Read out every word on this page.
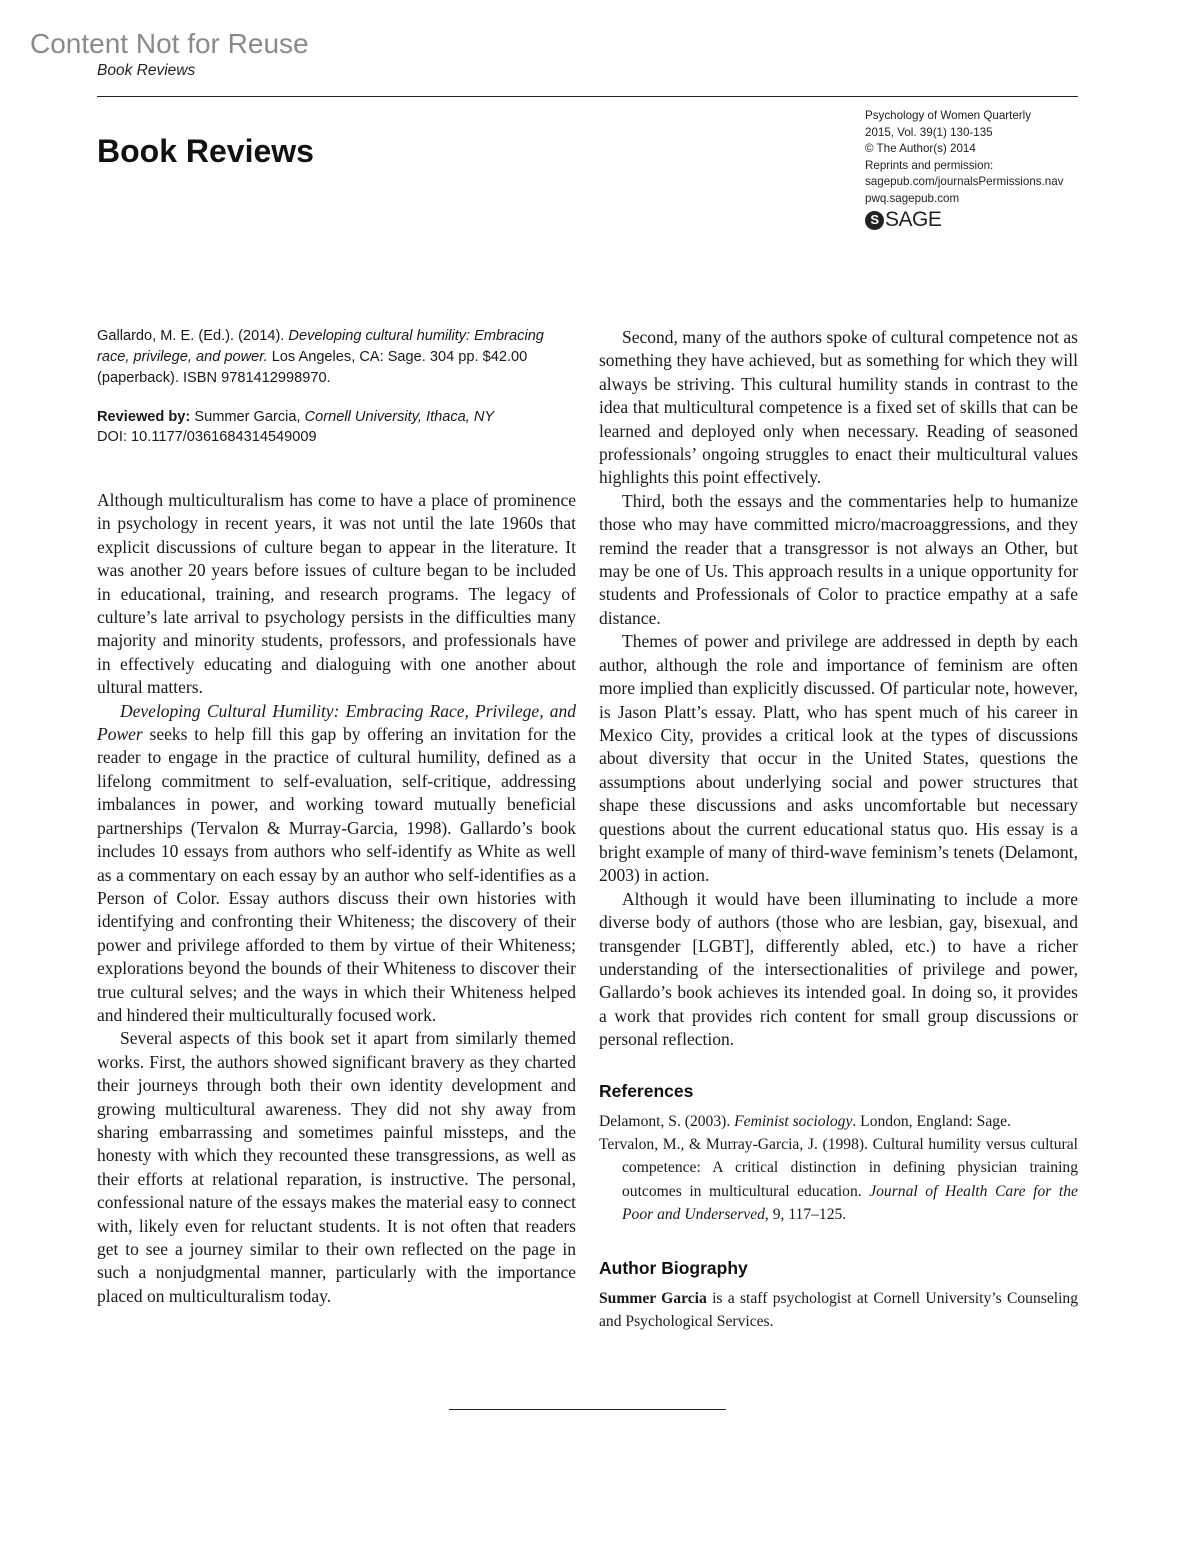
Content Not for Reuse
Book Reviews
Book Reviews
Psychology of Women Quarterly
2015, Vol. 39(1) 130-135
© The Author(s) 2014
Reprints and permission:
sagepub.com/journalsPermissions.nav
pwq.sagepub.com
S SAGE
Gallardo, M. E. (Ed.). (2014). Developing cultural humility: Embracing race, privilege, and power. Los Angeles, CA: Sage. 304 pp. $42.00 (paperback). ISBN 9781412998970.
Reviewed by: Summer Garcia, Cornell University, Ithaca, NY
DOI: 10.1177/0361684314549009

Although multiculturalism has come to have a place of prominence in psychology in recent years, it was not until the late 1960s that explicit discussions of culture began to appear in the literature. It was another 20 years before issues of culture began to be included in educational, training, and research programs. The legacy of culture’s late arrival to psychology persists in the difficulties many majority and minority students, professors, and professionals have in effectively educating and dialoguing with one another about ultural matters.

Developing Cultural Humility: Embracing Race, Privilege, and Power seeks to help fill this gap by offering an invitation for the reader to engage in the practice of cultural humility, defined as a lifelong commitment to self-evaluation, self-critique, addressing imbalances in power, and working toward mutually beneficial partnerships (Tervalon & Murray-Garcia, 1998). Gallardo’s book includes 10 essays from authors who self-identify as White as well as a commentary on each essay by an author who self-identifies as a Person of Color. Essay authors discuss their own histories with identifying and confronting their Whiteness; the discovery of their power and privilege afforded to them by virtue of their Whiteness; explorations beyond the bounds of their Whiteness to discover their true cultural selves; and the ways in which their Whiteness helped and hindered their multiculturally focused work.

Several aspects of this book set it apart from similarly themed works. First, the authors showed significant bravery as they charted their journeys through both their own identity development and growing multicultural awareness. They did not shy away from sharing embarrassing and sometimes painful missteps, and the honesty with which they recounted these transgressions, as well as their efforts at relational reparation, is instructive. The personal, confessional nature of the essays makes the material easy to connect with, likely even for reluctant students. It is not often that readers get to see a journey similar to their own reflected on the page in such a nonjudgmental manner, particularly with the importance placed on multiculturalism today.

Second, many of the authors spoke of cultural competence not as something they have achieved, but as something for which they will always be striving. This cultural humility stands in contrast to the idea that multicultural competence is a fixed set of skills that can be learned and deployed only when necessary. Reading of seasoned professionals’ ongoing struggles to enact their multicultural values highlights this point effectively.

Third, both the essays and the commentaries help to humanize those who may have committed micro/macroaggressions, and they remind the reader that a transgressor is not always an Other, but may be one of Us. This approach results in a unique opportunity for students and Professionals of Color to practice empathy at a safe distance.

Themes of power and privilege are addressed in depth by each author, although the role and importance of feminism are often more implied than explicitly discussed. Of particular note, however, is Jason Platt’s essay. Platt, who has spent much of his career in Mexico City, provides a critical look at the types of discussions about diversity that occur in the United States, questions the assumptions about underlying social and power structures that shape these discussions and asks uncomfortable but necessary questions about the current educational status quo. His essay is a bright example of many of third-wave feminism’s tenets (Delamont, 2003) in action.

Although it would have been illuminating to include a more diverse body of authors (those who are lesbian, gay, bisexual, and transgender [LGBT], differently abled, etc.) to have a richer understanding of the intersectionalities of privilege and power, Gallardo’s book achieves its intended goal. In doing so, it provides a work that provides rich content for small group discussions or personal reflection.

References
Delamont, S. (2003). Feminist sociology. London, England: Sage.
Tervalon, M., & Murray-Garcia, J. (1998). Cultural humility versus cultural competence: A critical distinction in defining physician training outcomes in multicultural education. Journal of Health Care for the Poor and Underserved, 9, 117–125.
Author Biography
Summer Garcia is a staff psychologist at Cornell University’s Counseling and Psychological Services.
